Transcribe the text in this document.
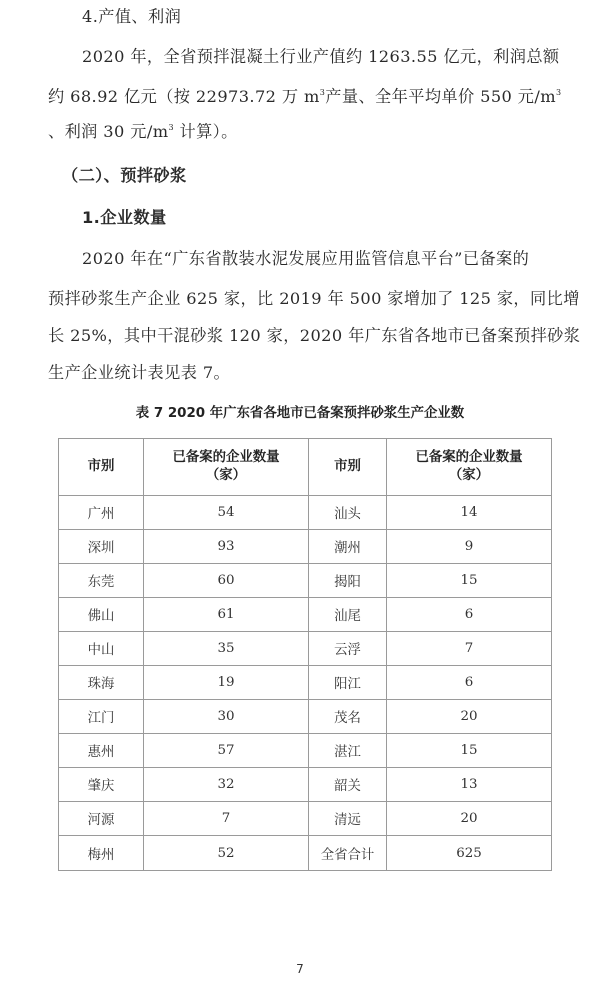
4.产值、利润
2020 年，全省预拌混凝土行业产值约 1263.55 亿元，利润总额
约 68.92 亿元（按 22973.72 万 $m^3$产量、全年平均单价 550 元$/m^3$
、利润 30 元$/m^3$ 计算）。
（二）、预拌砂浆
1.企业数量
2020 年在“广东省散装水泥发展应用监管信息平台”已备案的
预拌砂浆生产企业 625 家，比 2019 年 500 家增加了 125 家，同比增
长 25%，其中干混砂浆 120 家，2020 年广东省各地市已备案预拌砂浆
生产企业统计表见表 7。
表 7 2020 年广东省各地市已备案预拌砂浆生产企业数
市别	已备案的企业数量
（家）	市别	已备案的企业数量
（家）
广州	54	汕头	14
深圳	93	潮州	9
东莞	60	揭阳	15
佛山	61	汕尾	6
中山	35	云浮	7
珠海	19	阳江	6
江门	30	茂名	20
惠州	57	湛江	15
肇庆	32	韶关	13
河源	7	清远	20
梅州	52	全省合计	625
7
